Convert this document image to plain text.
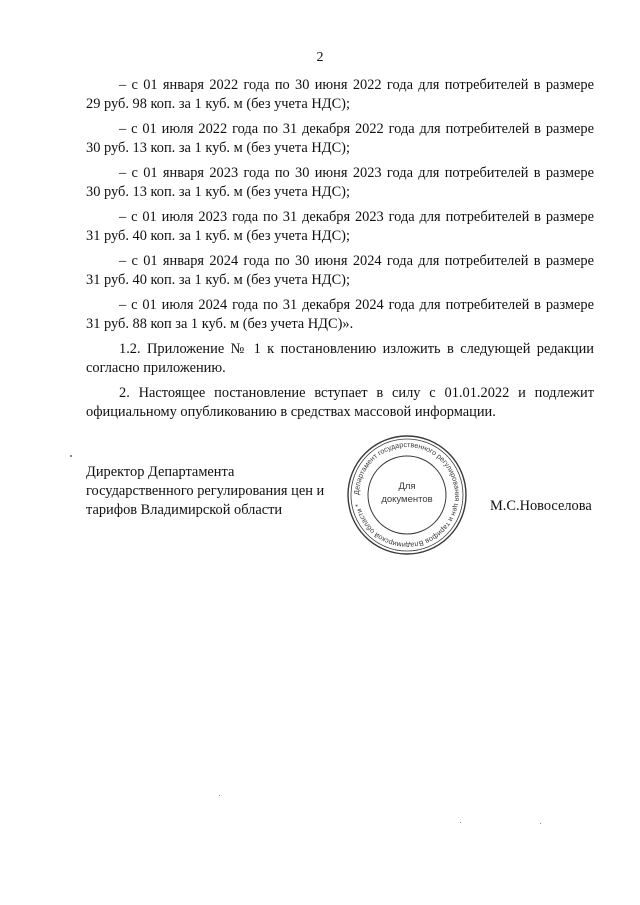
2

– с 01 января 2022 года по 30 июня 2022 года для потребителей в размере
29 руб. 98 коп. за 1 куб. м (без учета НДС);

– с 01 июля 2022 года по 31 декабря 2022 года для потребителей в размере
30 руб. 13 коп. за 1 куб. м (без учета НДС);

– с 01 января 2023 года по 30 июня 2023 года для потребителей в размере
30 руб. 13 коп. за 1 куб. м (без учета НДС);

– с 01 июля 2023 года по 31 декабря 2023 года для потребителей в размере
31 руб. 40 коп. за 1 куб. м (без учета НДС);

– с 01 января 2024 года по 30 июня 2024 года для потребителей в размере
31 руб. 40 коп. за 1 куб. м (без учета НДС);

– с 01 июля 2024 года по 31 декабря 2024 года для потребителей в размере
31 руб. 88 коп за 1 куб. м (без учета НДС)».

1.2. Приложение № 1 к постановлению изложить в следующей редакции
согласно приложению.

2. Настоящее постановление вступает в силу с 01.01.2022 и подлежит
официальному опубликованию в средствах массовой информации.

Директор Департамента
государственного регулирования цен и
тарифов Владимирской области
Департамент государственного регулирования цен и тарифов Владимирской области *
Для
документов	М.С.Новоселова
